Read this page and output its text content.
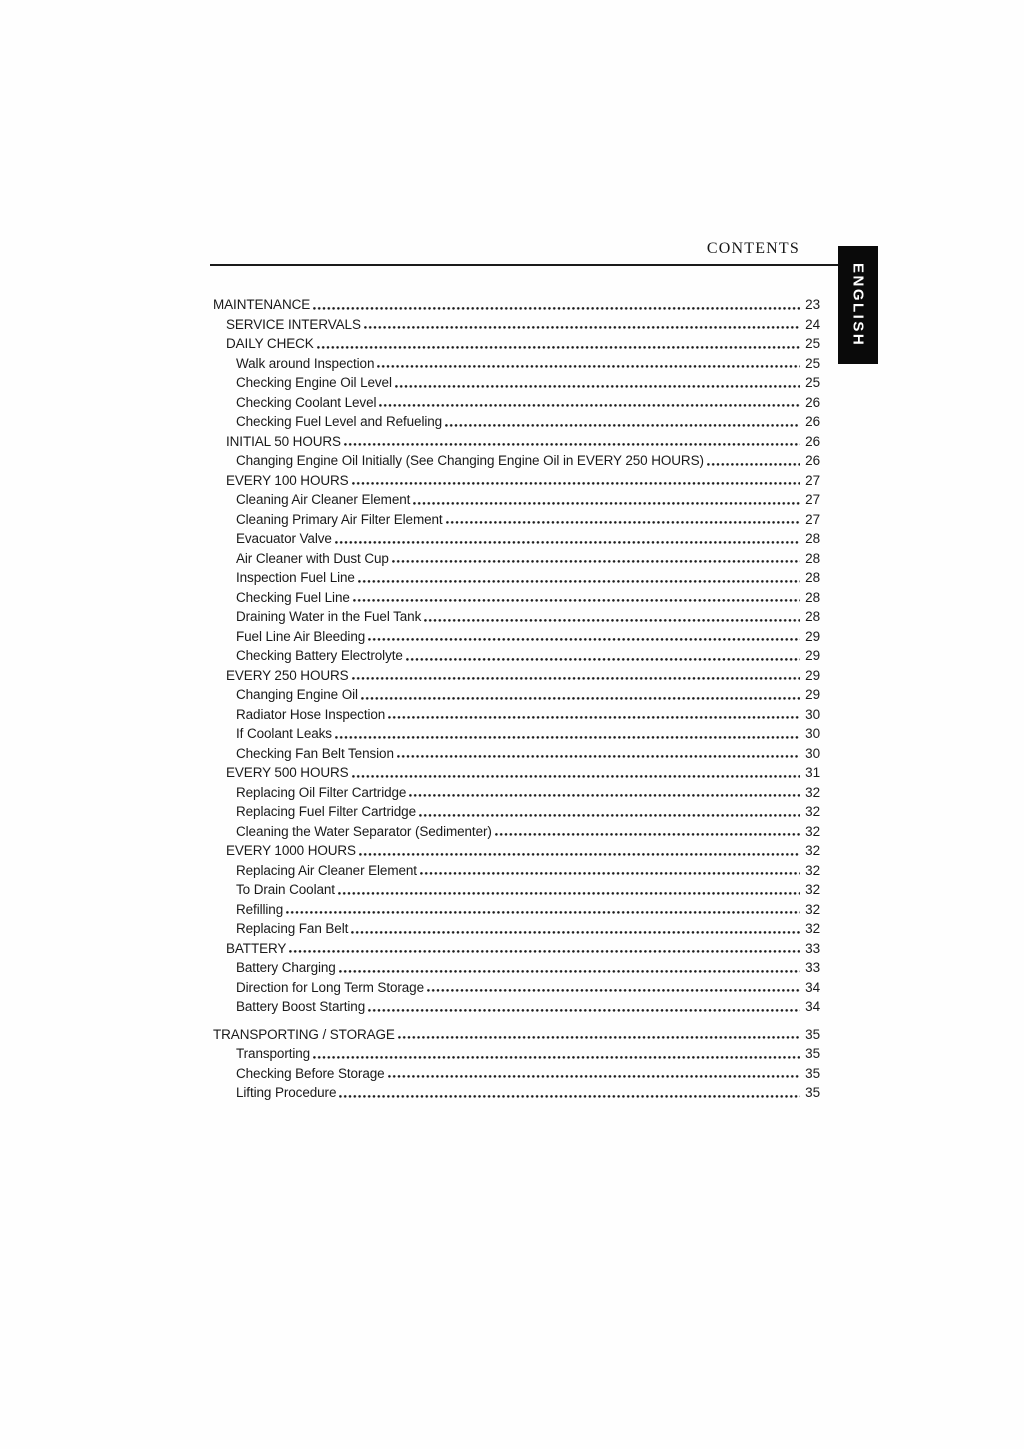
CONTENTS
ENGLISH
MAINTENANCE	23
SERVICE INTERVALS	24
DAILY CHECK	25
Walk around Inspection	25
Checking Engine Oil Level	25
Checking Coolant Level	26
Checking Fuel Level and Refueling	26
INITIAL 50 HOURS	26
Changing Engine Oil Initially (See Changing Engine Oil in EVERY 250 HOURS)	26
EVERY 100 HOURS	27
Cleaning Air Cleaner Element	27
Cleaning Primary Air Filter Element	27
Evacuator Valve	28
Air Cleaner with Dust Cup	28
Inspection Fuel Line	28
Checking Fuel Line	28
Draining Water in the Fuel Tank	28
Fuel Line Air Bleeding	29
Checking Battery Electrolyte	29
EVERY 250 HOURS	29
Changing Engine Oil	29
Radiator Hose Inspection	30
If Coolant Leaks	30
Checking Fan Belt Tension	30
EVERY 500 HOURS	31
Replacing Oil Filter Cartridge	32
Replacing Fuel Filter Cartridge	32
Cleaning the Water Separator (Sedimenter)	32
EVERY 1000 HOURS	32
Replacing Air Cleaner Element	32
To Drain Coolant	32
Refilling	32
Replacing Fan Belt	32
BATTERY	33
Battery Charging	33
Direction for Long Term Storage	34
Battery Boost Starting	34
TRANSPORTING / STORAGE	35
Transporting	35
Checking Before Storage	35
Lifting Procedure	35
